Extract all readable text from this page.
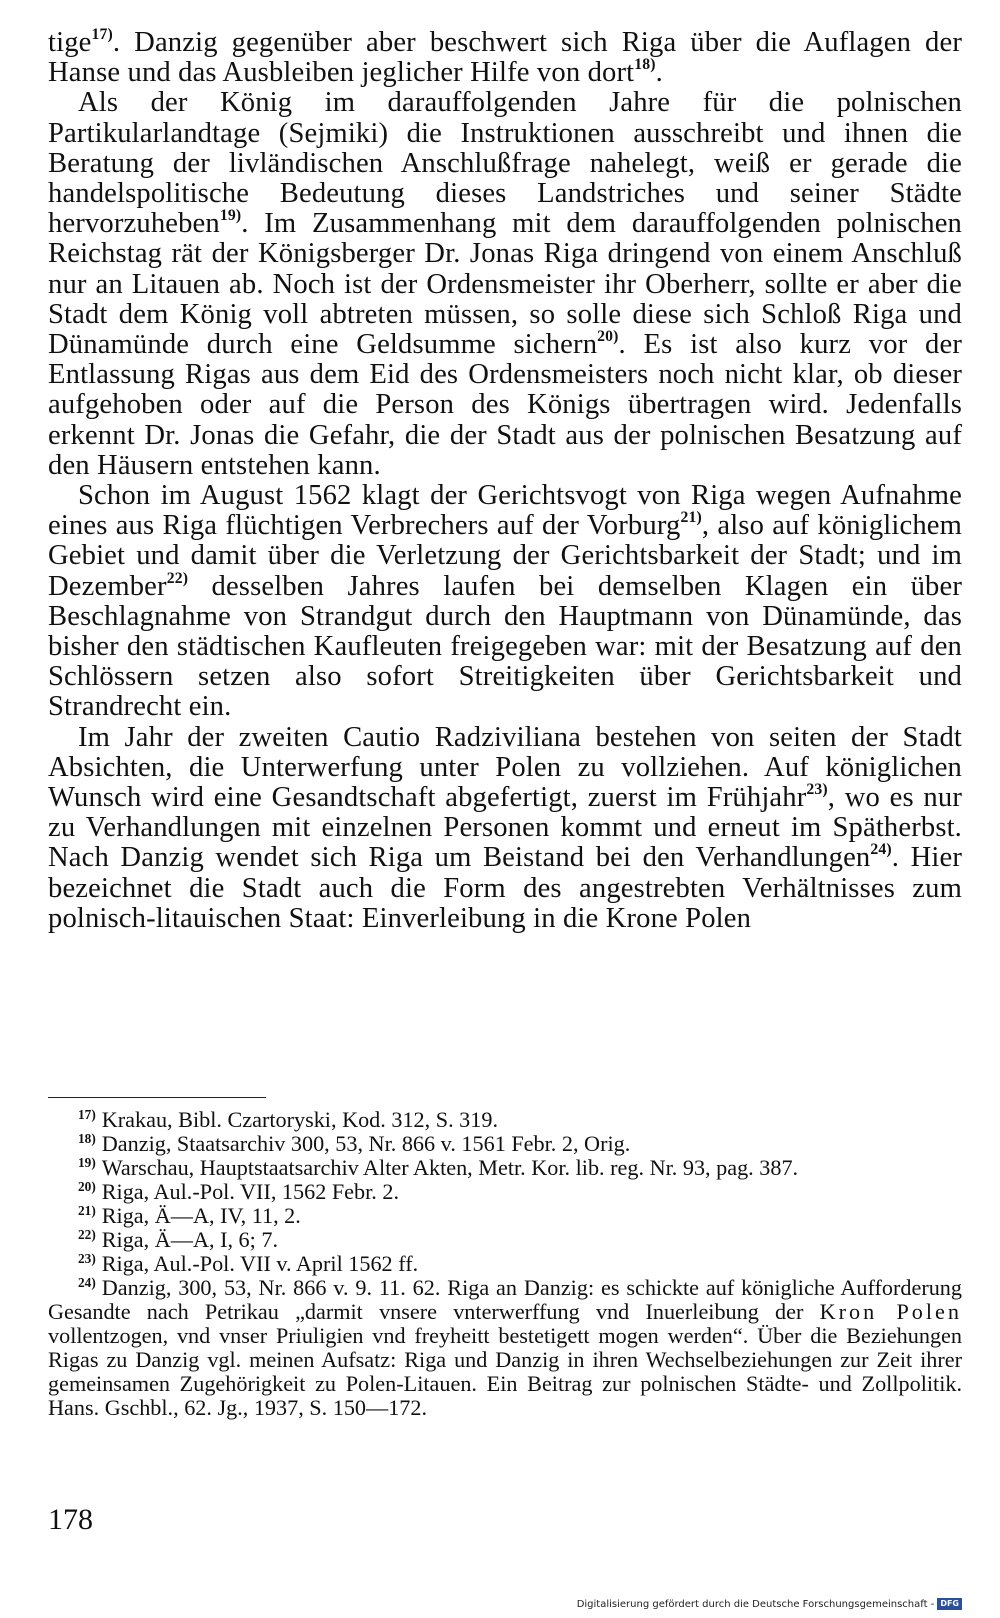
tige$^{17)}$. Danzig gegenüber aber beschwert sich Riga über die Auflagen der Hanse und das Ausbleiben jeglicher Hilfe von dort$^{18)}$.

Als der König im darauffolgenden Jahre für die polnischen Partikularlandtage (Sejmiki) die Instruktionen ausschreibt und ihnen die Beratung der livländischen Anschlußfrage nahelegt, weiß er gerade die handelspolitische Bedeutung dieses Landstriches und seiner Städte hervorzuheben$^{19)}$. Im Zusammenhang mit dem darauffolgenden polnischen Reichstag rät der Königsberger Dr. Jonas Riga dringend von einem Anschluß nur an Litauen ab. Noch ist der Ordensmeister ihr Oberherr, sollte er aber die Stadt dem König voll abtreten müssen, so solle diese sich Schloß Riga und Dünamünde durch eine Geldsumme sichern$^{20)}$. Es ist also kurz vor der Entlassung Rigas aus dem Eid des Ordensmeisters noch nicht klar, ob dieser aufgehoben oder auf die Person des Königs übertragen wird. Jedenfalls erkennt Dr. Jonas die Gefahr, die der Stadt aus der polnischen Besatzung auf den Häusern entstehen kann.

Schon im August 1562 klagt der Gerichtsvogt von Riga wegen Aufnahme eines aus Riga flüchtigen Verbrechers auf der Vorburg$^{21)}$, also auf königlichem Gebiet und damit über die Verletzung der Gerichtsbarkeit der Stadt; und im Dezember$^{22)}$ desselben Jahres laufen bei demselben Klagen ein über Beschlagnahme von Strandgut durch den Hauptmann von Dünamünde, das bisher den städtischen Kaufleuten freigegeben war: mit der Besatzung auf den Schlössern setzen also sofort Streitigkeiten über Gerichtsbarkeit und Strandrecht ein.

Im Jahr der zweiten Cautio Radziviliana bestehen von seiten der Stadt Absichten, die Unterwerfung unter Polen zu vollziehen. Auf königlichen Wunsch wird eine Gesandtschaft abgefertigt, zuerst im Frühjahr$^{23)}$, wo es nur zu Verhandlungen mit einzelnen Personen kommt und erneut im Spätherbst. Nach Danzig wendet sich Riga um Beistand bei den Verhandlungen$^{24)}$. Hier bezeichnet die Stadt auch die Form des angestrebten Verhältnisses zum polnisch-litauischen Staat: Einverleibung in die Krone Polen

$^{17)}$ Krakau, Bibl. Czartoryski, Kod. 312, S. 319.

$^{18)}$ Danzig, Staatsarchiv 300, 53, Nr. 866 v. 1561 Febr. 2, Orig.

$^{19)}$ Warschau, Hauptstaatsarchiv Alter Akten, Metr. Kor. lib. reg. Nr. 93, pag. 387.

$^{20)}$ Riga, Aul.-Pol. VII, 1562 Febr. 2.

$^{21)}$ Riga, Ä—A, IV, 11, 2.

$^{22)}$ Riga, Ä—A, I, 6; 7.

$^{23)}$ Riga, Aul.-Pol. VII v. April 1562 ff.

$^{24)}$ Danzig, 300, 53, Nr. 866 v. 9. 11. 62. Riga an Danzig: es schickte auf königliche Aufforderung Gesandte nach Petrikau „darmit vnsere vnterwerffung vnd Inuerleibung der Kron Polen vollentzogen, vnd vnser Priuligien vnd freyheitt bestetigett mogen werden“. Über die Beziehungen Rigas zu Danzig vgl. meinen Aufsatz: Riga und Danzig in ihren Wechselbeziehungen zur Zeit ihrer gemeinsamen Zugehörigkeit zu Polen-Litauen. Ein Beitrag zur polnischen Städte- und Zollpolitik. Hans. Gschbl., 62. Jg., 1937, S. 150—172.

178
Digitalisierung gefördert durch die Deutsche Forschungsgemeinschaft - DFG
